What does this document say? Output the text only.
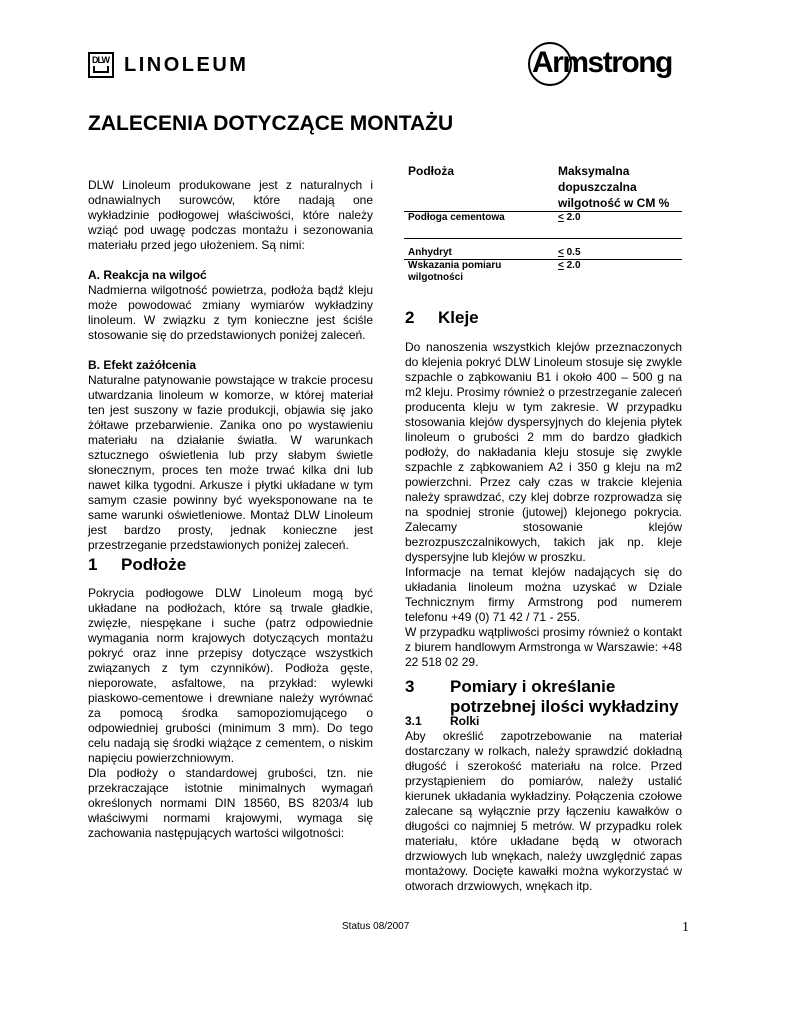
DLW LINOLEUM	Armstrong
ZALECENIA DOTYCZĄCE MONTAŻU

DLW Linoleum produkowane jest z naturalnych i odnawialnych surowców, które nadają one wykładzinie podłogowej właściwości, które należy wziąć pod uwagę podczas montażu i sezonowania materiału przed jego ułożeniem. Są nimi:

A. Reakcja na wilgoć

Nadmierna wilgotność powietrza, podłoża bądź kleju może powodować zmiany wymiarów wykładziny linoleum. W związku z tym konieczne jest ściśle stosowanie się do przedstawionych poniżej zaleceń.

B. Efekt zażółcenia

Naturalne patynowanie powstające w trakcie procesu utwardzania linoleum w komorze, w której materiał ten jest suszony w fazie produkcji, objawia się jako żółtawe przebarwienie. Zanika ono po wystawieniu materiału na działanie światła. W warunkach sztucznego oświetlenia lub przy słabym świetle słonecznym, proces ten może trwać kilka dni lub nawet kilka tygodni. Arkusze i płytki układane w tym samym czasie powinny być wyeksponowane na te same warunki oświetleniowe. Montaż DLW Linoleum jest bardzo prosty, jednak konieczne jest przestrzeganie przedstawionych poniżej zaleceń.

1	Podłoże

Pokrycia podłogowe DLW Linoleum mogą być układane na podłożach, które są trwale gładkie, zwięzłe, niespękane i suche (patrz odpowiednie wymagania norm krajowych dotyczących montażu pokryć oraz inne przepisy dotyczące wszystkich związanych z tym czynników). Podłoża gęste, nieporowate, asfaltowe, na przykład: wylewki piaskowo-cementowe i drewniane należy wyrównać za pomocą środka samopoziomującego o odpowiedniej grubości (minimum 3 mm). Do tego celu nadają się środki wiążące z cementem, o niskim napięciu powierzchniowym.

Dla podłoży o standardowej grubości, tzn. nie przekraczające istotnie minimalnych wymagań określonych normami DIN 18560, BS 8203/4 lub właściwymi normami krajowymi, wymaga się zachowania następujących wartości wilgotności:

Podłoża	Maksymalna dopuszczalna wilgotność w CM %
Podłoga cementowa	< 2.0
Anhydryt	< 0.5
Wskazania pomiaru wilgotności	< 2.0
2	Kleje

Do nanoszenia wszystkich klejów przeznaczonych do klejenia pokryć DLW Linoleum stosuje się zwykle szpachle o ząbkowaniu B1 i około 400 – 500 g na m2 kleju. Prosimy również o przestrzeganie zaleceń producenta kleju w tym zakresie. W przypadku stosowania klejów dyspersyjnych do klejenia płytek linoleum o grubości 2 mm do bardzo gładkich podłoży, do nakładania kleju stosuje się zwykle szpachle z ząbkowaniem A2 i 350 g kleju na m2 powierzchni. Przez cały czas w trakcie klejenia należy sprawdzać, czy klej dobrze rozprowadza się na spodniej stronie (jutowej) klejonego pokrycia. Zalecamy stosowanie klejów bezrozpuszczalnikowych, takich jak np. kleje dyspersyjne lub klejów w proszku.

Informacje na temat klejów nadających się do układania linoleum można uzyskać w Dziale Technicznym firmy Armstrong pod numerem telefonu +49 (0) 71 42 / 71 - 255.

W przypadku wątpliwości prosimy również o kontakt z biurem handlowym Armstronga w Warszawie: +48 22 518 02 29.

3	Pomiary i określanie
potrzebnej ilości wykładziny

3.1	Rolki

Aby określić zapotrzebowanie na materiał dostarczany w rolkach, należy sprawdzić dokładną długość i szerokość materiału na rolce. Przed przystąpieniem do pomiarów, należy ustalić kierunek układania wykładziny. Połączenia czołowe zalecane są wyłącznie przy łączeniu kawałków o długości co najmniej 5 metrów. W przypadku rolek materiału, które układane będą w otworach drzwiowych lub wnękach, należy uwzględnić zapas montażowy. Docięte kawałki można wykorzystać w otworach drzwiowych, wnękach itp.

Status 08/2007	1
